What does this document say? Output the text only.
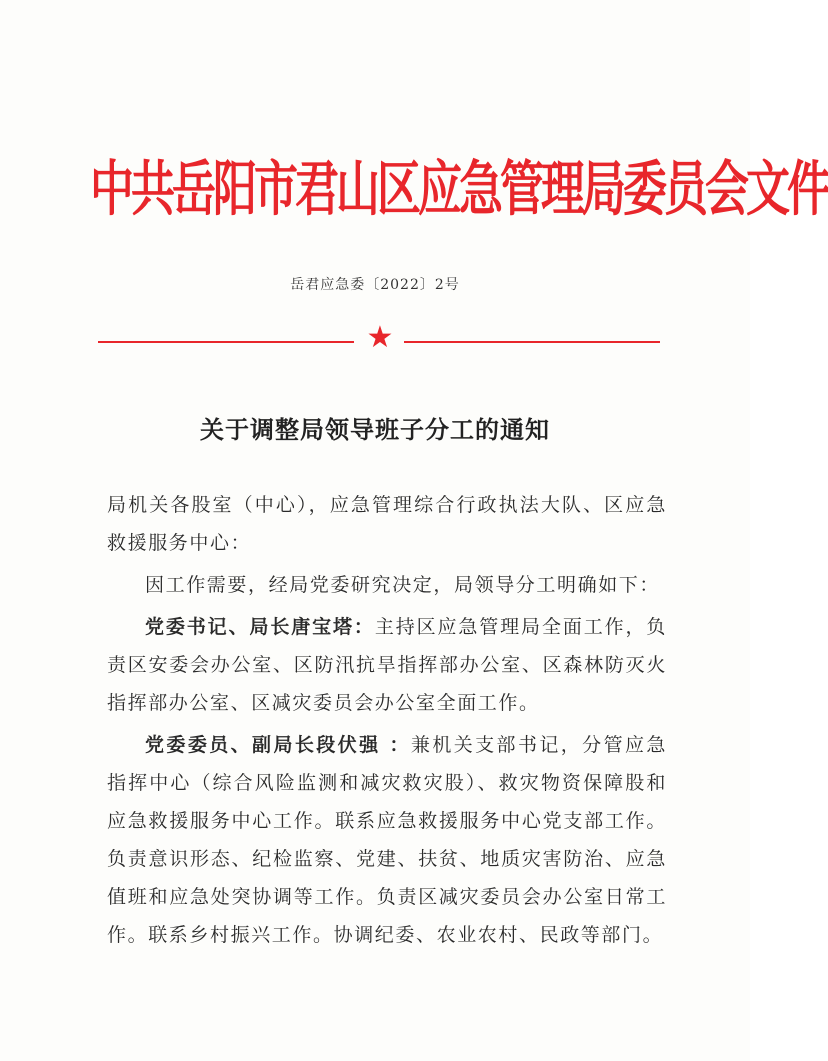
中共岳阳市君山区应急管理局委员会文件
岳君应急委〔2022〕2号
★
关于调整局领导班子分工的通知

局机关各股室（中心），应急管理综合行政执法大队、区应急救援服务中心：

因工作需要，经局党委研究决定，局领导分工明确如下：

党委书记、局长唐宝塔：主持区应急管理局全面工作，负责区安委会办公室、区防汛抗旱指挥部办公室、区森林防灭火指挥部办公室、区减灾委员会办公室全面工作。

党委委员、副局长段伏强 ：兼机关支部书记，分管应急指挥中心（综合风险监测和减灾救灾股）、救灾物资保障股和应急救援服务中心工作。联系应急救援服务中心党支部工作。负责意识形态、纪检监察、党建、扶贫、地质灾害防治、应急值班和应急处突协调等工作。负责区减灾委员会办公室日常工作。联系乡村振兴工作。协调纪委、农业农村、民政等部门。
